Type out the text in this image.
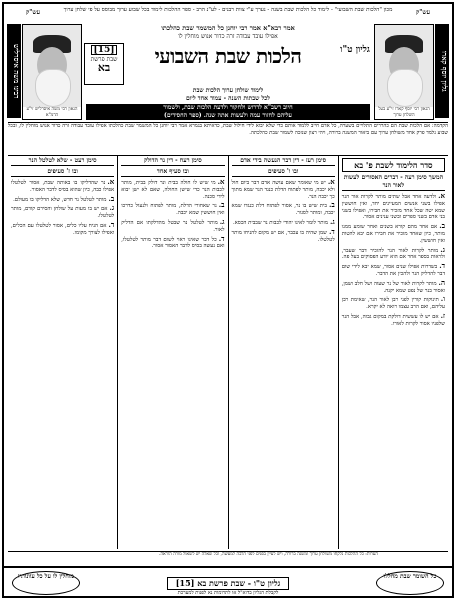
מכון "הלכות שבת השבועי" - לימוד כל הלכות שבת בשנה - נערך ע"י צוות רבנים - לע"נ הרב - ספר ההלכות לימוד בכל שבוע ערוך מבוסס על פי שלחן ערוך	עש"ק
עש"ק
גליון יוסף קארו
הגאון רבי יוסף קארו זי"ע בעל השלחן ערוך
רבינו משה איסרליש
הגאון רבי משה איסרליש זי"ע הרמ"א
אמר רבא"א אמר רבי יוחנן כל המשמר שבת כהלכתו
אפילו עובד עבודה זרה כדור אנוש מוחלין לו
גליון ט"ו
הלכות שבת השבועי
[15]
שבת פרשת
בא
לימוד שולחן ערוך הלכות שבת
לכל שבתות השנה - עמוד אחד ליום
חיוב רשב"א לדרוש ולחקור ולדעת הלכות שבת, ולשמור
עליהם לחזור עמה ולעשות אתה שנה. (ספר החסידים)
הקדמה: אם הלכות שבת הם כהררים התלויים בשערה, כל אדם חייב ללמוד אותם כדי שלא יבוא לידי חילול שבת, כדאיתא בגמרא אמר רבי יוחנן כל המשמר שבת כהלכתו אפילו עובד עבודה זרה כדור אנוש מוחלין לו, ובכל שבוע נלמד פרק אחד משולחן ערוך עם ביאור המשנה ברורה, ויהי רצון שנזכה לשמור שבת כהלכתה.
סדר הלימוד לשבת פ' בא
המשך סימן רעה - דברים האסורים לעשות לאור הנר
א.ולדעה אחד אבל שתים מותר לקרות אור הנר אפילו בשני אנשים המעיינים יחד, ואין חוששין שמא יטה שכל אחד מזכיר את חבירו, ואפילו בשני בני אדם בשני ספרים ובשני ענינים אסור.
ב.אם אחד מהם קורא בשנים ואחר שומע ממנו מותר, כיון שאחד מזכיר את חבירו אם יבא להטות ואין חוששין.
ג.מותר לקרות לאור הנר להזכיר דבר שעבר, ולראות בספר אחר אם הוא יודע הפסוקים בעל פה.
ד.בשדרות אפילו שנים אסור, שמא יבא לידי שום דבר להדליק הנר ולהכין את הדבר.
ה.מותר לקרות לאור של נר שעוה ושל חלב ושמן, ואסור בנר של נפט שמא יקנה.
ו.תינוקות קורין לפני רבן לאור הנר, שאימת רבן עליהם, ואם הרב עצמו רואה לא יקרא.
ז.אם יש לו עששית דולקת במקום גבוה, אבל הנר שלפניו אסור לקרות לאורו.
סימן רעז - דין דבר הנעשה בידי אדם
ובו ו' סעיפים
א.יש מי שאומר שאם עושה אדם דבר ביום חול ולא יכבה, מותר לפתוח הדלת כנגד הנר שמא מתוך כך יכבה הנר.
ב.בית שיש בו נר, אסור לפתוח דלת כנגדו שמא יכבה, ומותר לסגור.
ג.מותר לומר לאינו יהודי לכבות נר שבבית הכסא.
ד.שמן שהיה בו עכבר, אם יש מקום להניחו מותר לטלטלו.
סימן רעח - דין נר הדולק
ובו סעיף אחד
א.מי שיש לו חולה בבית ונר דולק בבית, מותר לכבות הנר כדי שישן החולה, שאם לא ישן יבוא לידי סכנה.
ב.נר שאחורי הדלת, מותר לפתוח ולנעול כדרכו ואין חוששין שמא יכבה.
ג.מותר לטלטל נר שבטל מהדלקתו אם הדליק לאור.
ד.כל דבר שאינו ראוי לשום דבר מותר לטלטלו, ואם נעשה בסיס לדבר האסור אסור.
סימן רעט - שלא לטלטל הנר
ובו ז' סעיפים
א.נר שהדליקו בו באותה שבת, אסור לטלטלו אפילו כבה, כיון שהוא בסיס לדבר האסור.
ב.מותר לטלטל נר חדש, שלא הדליקו בו מעולם.
ג.אם יש בו מעות על שולחן והסירם קודם, מותר לטלטלו.
ד.אם הניח עליו כלים, אסור לטלטלו עם הכלים, ואפילו לצורך מקומו.
הערות: כל ההלכות נלקחו משולחן ערוך ומשנה ברורה, ויש לעיין בפנים לפני הלכה למעשה, וכל שאלה יש לשאול מורה הוראה.
כל השומר שבת מחללו
גליון ט"ו - שבת פרשת בא [15]
לקבלת הגליון בדוא"ל או לתרומות נא לפנות למערכת
מוחלין לו על כל עוונותיו
